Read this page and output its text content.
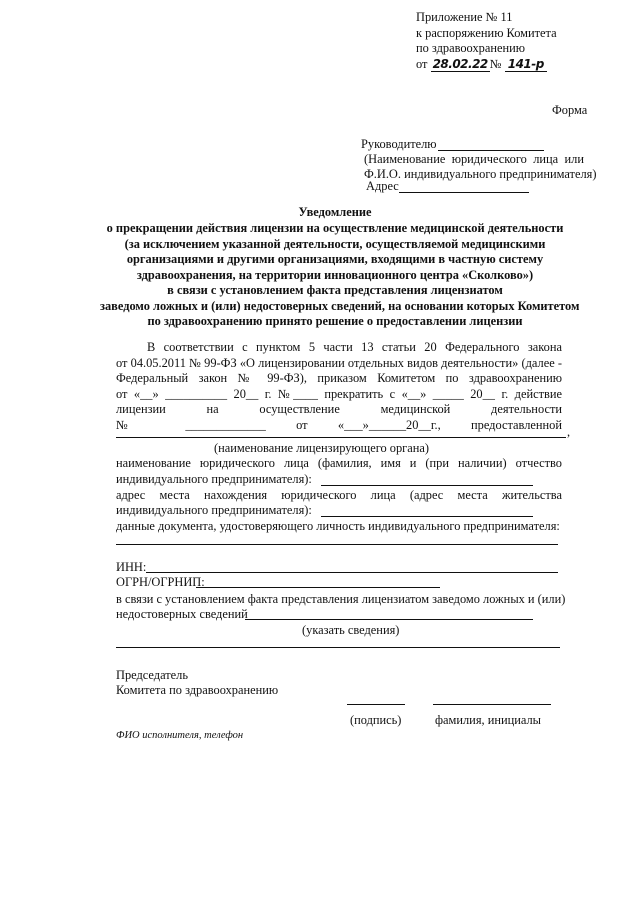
Приложение № 11
к распоряжению Комитета
по здравоохранению
от 28.02.22 № 141-р
Форма
Руководителю
(Наименование юридического лица или
Ф.И.О. индивидуального предпринимателя)
Адрес
Уведомление
о прекращении действия лицензии на осуществление медицинской деятельности
(за исключением указанной деятельности, осуществляемой медицинскими
организациями и другими организациями, входящими в частную систему
здравоохранения, на территории инновационного центра «Сколково»)
в связи с установлением факта представления лицензиатом
заведомо ложных и (или) недостоверных сведений, на основании которых Комитетом
по здравоохранению принято решение о предоставлении лицензии
В соответствии с пунктом 5 части 13 статьи 20 Федерального закона
от 04.05.2011 № 99-ФЗ «О лицензировании отдельных видов деятельности» (далее -
Федеральный закон № 99-ФЗ), приказом Комитетом по здравоохранению
от «__» __________ 20__ г. №____ прекратить с «__» _____ 20__ г. действие
лицензии на осуществление медицинской деятельности
№ _____________ от «___»______20__г., предоставленной ,
(наименование лицензирующего органа)
наименование юридического лица (фамилия, имя и (при наличии) отчество
индивидуального предпринимателя):
адрес места нахождения юридического лица (адрес места жительства
индивидуального предпринимателя):
данные документа, удостоверяющего личность индивидуального предпринимателя:
ИНН:
ОГРН/ОГРНИП:
в связи с установлением факта представления лицензиатом заведомо ложных и (или)
недостоверных сведений
(указать сведения)
Председатель
Комитета по здравоохранению
(подпись)	фамилия, инициалы
ФИО исполнителя, телефон
